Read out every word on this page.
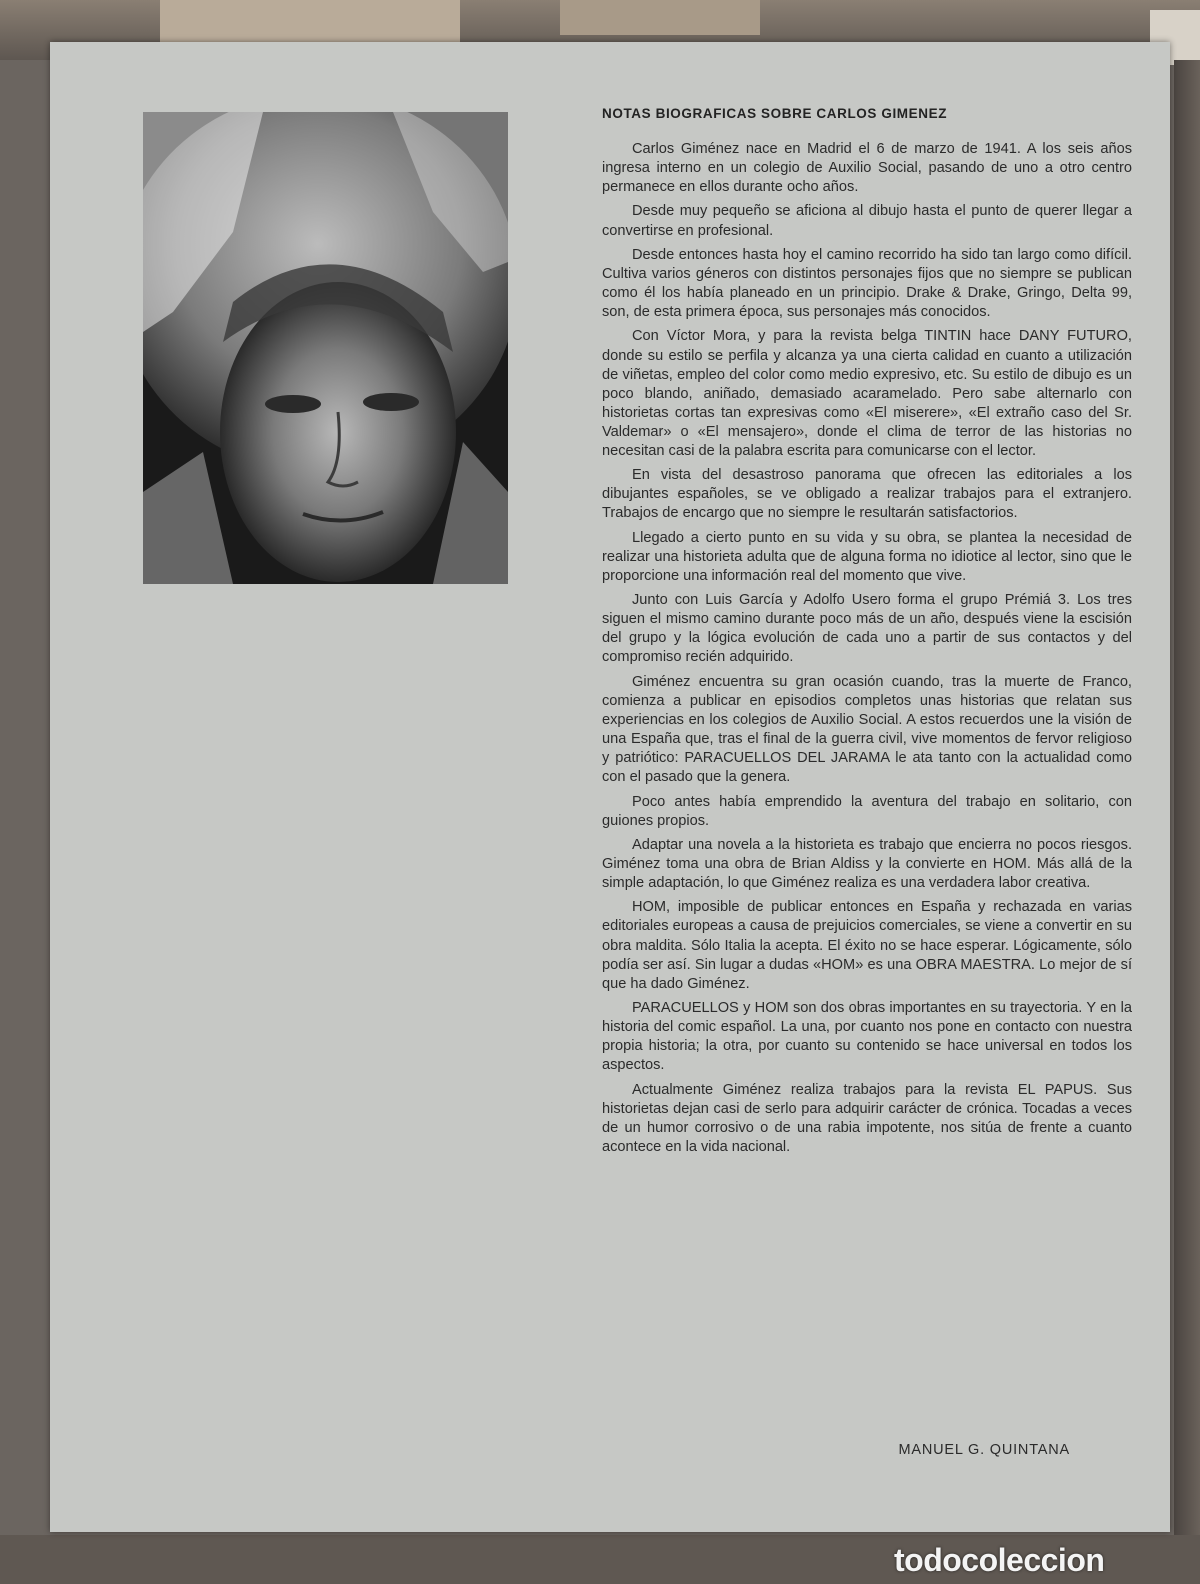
NOTAS BIOGRAFICAS SOBRE CARLOS GIMENEZ

Carlos Giménez nace en Madrid el 6 de marzo de 1941. A los seis años ingresa interno en un colegio de Auxilio Social, pasando de uno a otro centro permanece en ellos durante ocho años.

Desde muy pequeño se aficiona al dibujo hasta el punto de querer llegar a convertirse en profesional.

Desde entonces hasta hoy el camino recorrido ha sido tan largo como difícil. Cultiva varios géneros con distintos personajes fijos que no siempre se publican como él los había planeado en un principio. Drake & Drake, Gringo, Delta 99, son, de esta primera época, sus personajes más conocidos.

Con Víctor Mora, y para la revista belga TINTIN hace DANY FUTURO, donde su estilo se perfila y alcanza ya una cierta calidad en cuanto a utilización de viñetas, empleo del color como medio expresivo, etc. Su estilo de dibujo es un poco blando, aniñado, demasiado acaramelado. Pero sabe alternarlo con historietas cortas tan expresivas como «El miserere», «El extraño caso del Sr. Valdemar» o «El mensajero», donde el clima de terror de las historias no necesitan casi de la palabra escrita para comunicarse con el lector.

En vista del desastroso panorama que ofrecen las editoriales a los dibujantes españoles, se ve obligado a realizar trabajos para el extranjero. Trabajos de encargo que no siempre le resultarán satisfactorios.

Llegado a cierto punto en su vida y su obra, se plantea la necesidad de realizar una historieta adulta que de alguna forma no idiotice al lector, sino que le proporcione una información real del momento que vive.

Junto con Luis García y Adolfo Usero forma el grupo Prémiá 3. Los tres siguen el mismo camino durante poco más de un año, después viene la escisión del grupo y la lógica evolución de cada uno a partir de sus contactos y del compromiso recién adquirido.

Giménez encuentra su gran ocasión cuando, tras la muerte de Franco, comienza a publicar en episodios completos unas historias que relatan sus experiencias en los colegios de Auxilio Social. A estos recuerdos une la visión de una España que, tras el final de la guerra civil, vive momentos de fervor religioso y patriótico: PARACUELLOS DEL JARAMA le ata tanto con la actualidad como con el pasado que la genera.

Poco antes había emprendido la aventura del trabajo en solitario, con guiones propios.

Adaptar una novela a la historieta es trabajo que encierra no pocos riesgos. Giménez toma una obra de Brian Aldiss y la convierte en HOM. Más allá de la simple adaptación, lo que Giménez realiza es una verdadera labor creativa.

HOM, imposible de publicar entonces en España y rechazada en varias editoriales europeas a causa de prejuicios comerciales, se viene a convertir en su obra maldita. Sólo Italia la acepta. El éxito no se hace esperar. Lógicamente, sólo podía ser así. Sin lugar a dudas «HOM» es una OBRA MAESTRA. Lo mejor de sí que ha dado Giménez.

PARACUELLOS y HOM son dos obras importantes en su trayectoria. Y en la historia del comic español. La una, por cuanto nos pone en contacto con nuestra propia historia; la otra, por cuanto su contenido se hace universal en todos los aspectos.

Actualmente Giménez realiza trabajos para la revista EL PAPUS. Sus historietas dejan casi de serlo para adquirir carácter de crónica. Tocadas a veces de un humor corrosivo o de una rabia impotente, nos sitúa de frente a cuanto acontece en la vida nacional.

MANUEL G. QUINTANA
todocoleccion
